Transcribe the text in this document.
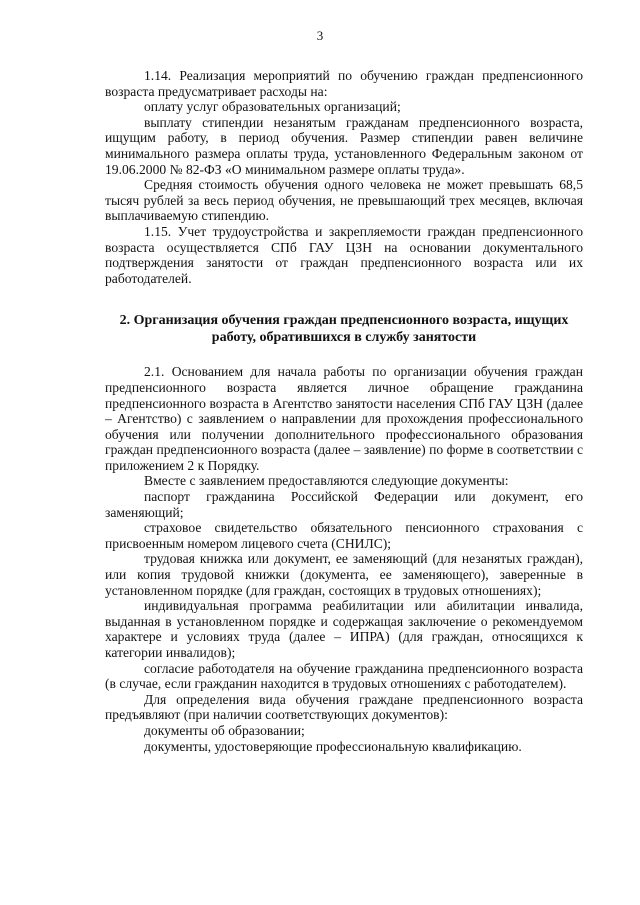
3

1.14. Реализация мероприятий по обучению граждан предпенсионного возраста предусматривает расходы на:

оплату услуг образовательных организаций;

выплату стипендии незанятым гражданам предпенсионного возраста, ищущим работу, в период обучения. Размер стипендии равен величине минимального размера оплаты труда, установленного Федеральным законом от 19.06.2000 № 82-ФЗ «О минимальном размере оплаты труда».

Средняя стоимость обучения одного человека не может превышать 68,5 тысяч рублей за весь период обучения, не превышающий трех месяцев, включая выплачиваемую стипендию.

1.15. Учет трудоустройства и закрепляемости граждан предпенсионного возраста осуществляется СПб ГАУ ЦЗН на основании документального подтверждения занятости от граждан предпенсионного возраста или их работодателей.

2. Организация обучения граждан предпенсионного возраста, ищущих работу, обратившихся в службу занятости

2.1. Основанием для начала работы по организации обучения граждан предпенсионного возраста является личное обращение гражданина предпенсионного возраста в Агентство занятости населения СПб ГАУ ЦЗН (далее – Агентство) с заявлением о направлении для прохождения профессионального обучения или получении дополнительного профессионального образования граждан предпенсионного возраста (далее – заявление) по форме в соответствии с приложением 2 к Порядку.

Вместе с заявлением предоставляются следующие документы:

паспорт гражданина Российской Федерации или документ, его заменяющий;

страховое свидетельство обязательного пенсионного страхования с присвоенным номером лицевого счета (СНИЛС);

трудовая книжка или документ, ее заменяющий (для незанятых граждан), или копия трудовой книжки (документа, ее заменяющего), заверенные в установленном порядке (для граждан, состоящих в трудовых отношениях);

индивидуальная программа реабилитации или абилитации инвалида, выданная в установленном порядке и содержащая заключение о рекомендуемом характере и условиях труда (далее – ИПРА) (для граждан, относящихся к категории инвалидов);

согласие работодателя на обучение гражданина предпенсионного возраста (в случае, если гражданин находится в трудовых отношениях с работодателем).

Для определения вида обучения граждане предпенсионного возраста предъявляют (при наличии соответствующих документов):

документы об образовании;

документы, удостоверяющие профессиональную квалификацию.
